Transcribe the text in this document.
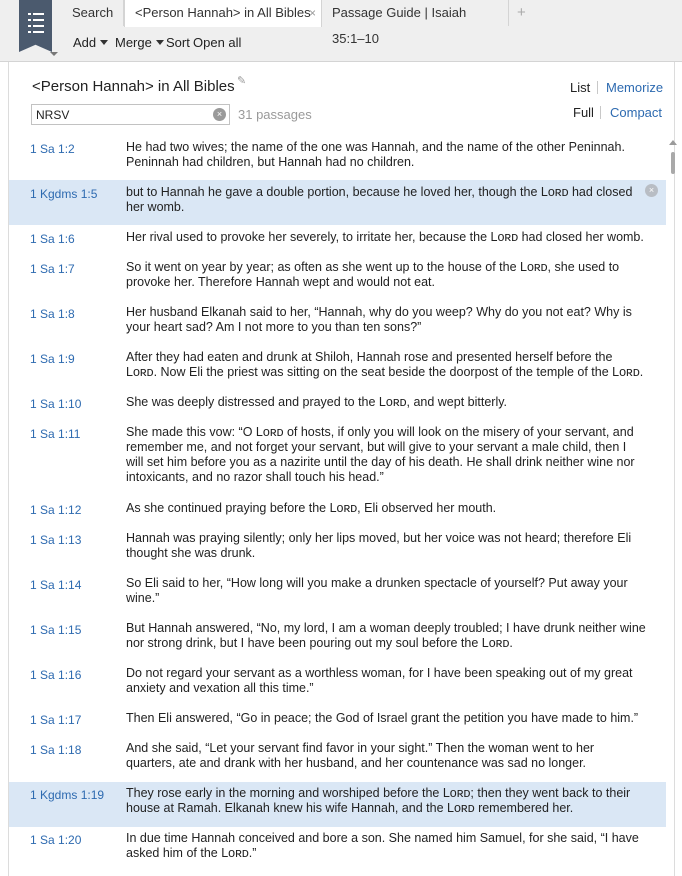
Search	<Person Hannah> in All Bibles
×	Passage Guide | Isaiah 35:1–10
+
Add	Merge	Sort Open all
<Person Hannah> in All Bibles ✎	List Memorize
Full Compact
NRSV	× 31 passages
1 Sa 1:2	He had two wives; the name of the one was Hannah, and the name of the other Peninnah. Peninnah had children, but Hannah had no children.
1 Kgdms 1:5 but to Hannah he gave a double portion, because he loved her, though the Lᴏʀᴅ had closed her womb.
×
1 Sa 1:6	Her rival used to provoke her severely, to irritate her, because the Lᴏʀᴅ had closed her womb.
1 Sa 1:7	So it went on year by year; as often as she went up to the house of the Lᴏʀᴅ, she used to provoke her. Therefore Hannah wept and would not eat.
1 Sa 1:8	Her husband Elkanah said to her, “Hannah, why do you weep? Why do you not eat? Why is your heart sad? Am I not more to you than ten sons?”
1 Sa 1:9	After they had eaten and drunk at Shiloh, Hannah rose and presented herself before the Lᴏʀᴅ. Now Eli the priest was sitting on the seat beside the doorpost of the temple of the Lᴏʀᴅ.
1 Sa 1:10	She was deeply distressed and prayed to the Lᴏʀᴅ, and wept bitterly.
1 Sa 1:11	She made this vow: “O Lᴏʀᴅ of hosts, if only you will look on the misery of your servant, and remember me, and not forget your servant, but will give to your servant a male child, then I will set him before you as a nazirite until the day of his death. He shall drink neither wine nor intoxicants, and no razor shall touch his head.”
1 Sa 1:12	As she continued praying before the Lᴏʀᴅ, Eli observed her mouth.
1 Sa 1:13	Hannah was praying silently; only her lips moved, but her voice was not heard; therefore Eli thought she was drunk.
1 Sa 1:14	So Eli said to her, “How long will you make a drunken spectacle of yourself? Put away your wine.”
1 Sa 1:15	But Hannah answered, “No, my lord, I am a woman deeply troubled; I have drunk neither wine nor strong drink, but I have been pouring out my soul before the Lᴏʀᴅ.
1 Sa 1:16	Do not regard your servant as a worthless woman, for I have been speaking out of my great anxiety and vexation all this time.”
1 Sa 1:17	Then Eli answered, “Go in peace; the God of Israel grant the petition you have made to him.”
1 Sa 1:18	And she said, “Let your servant find favor in your sight.” Then the woman went to her quarters, ate and drank with her husband, and her countenance was sad no longer.
1 Kgdms 1:19 They rose early in the morning and worshiped before the Lᴏʀᴅ; then they went back to their house at Ramah. Elkanah knew his wife Hannah, and the Lᴏʀᴅ remembered her.
1 Sa 1:20	In due time Hannah conceived and bore a son. She named him Samuel, for she said, “I have asked him of the Lᴏʀᴅ.”
